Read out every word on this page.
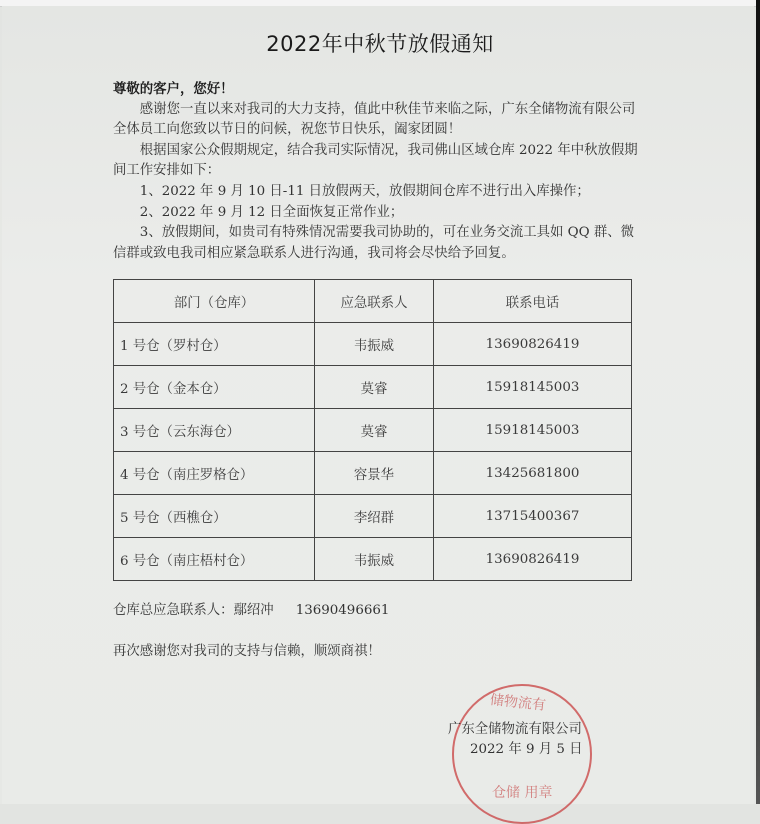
2022年中秋节放假通知

尊敬的客户，您好！

感谢您一直以来对我司的大力支持，值此中秋佳节来临之际，广东全储物流有限公司全体员工向您致以节日的问候，祝您节日快乐，阖家团圆！

根据国家公众假期规定，结合我司实际情况，我司佛山区域仓库 2022 年中秋放假期间工作安排如下：

1、2022 年 9 月 10 日-11 日放假两天，放假期间仓库不进行出入库操作；

2、2022 年 9 月 12 日全面恢复正常作业；

3、放假期间，如贵司有特殊情况需要我司协助的，可在业务交流工具如 QQ 群、微信群或致电我司相应紧急联系人进行沟通，我司将会尽快给予回复。

部门（仓库）	应急联系人	联系电话
1 号仓（罗村仓）	韦振威	13690826419
2 号仓（金本仓）	莫睿	15918145003
3 号仓（云东海仓）	莫睿	15918145003
4 号仓（南庄罗格仓）	容景华	13425681800
5 号仓（西樵仓）	李绍群	13715400367
6 号仓（南庄梧村仓）	韦振威	13690826419
仓库总应急联系人：鄢绍冲 13690496661
再次感谢您对我司的支持与信赖，顺颂商祺！
储物流有
仓储 用章
广东全储物流有限公司
2022 年 9 月 5 日
